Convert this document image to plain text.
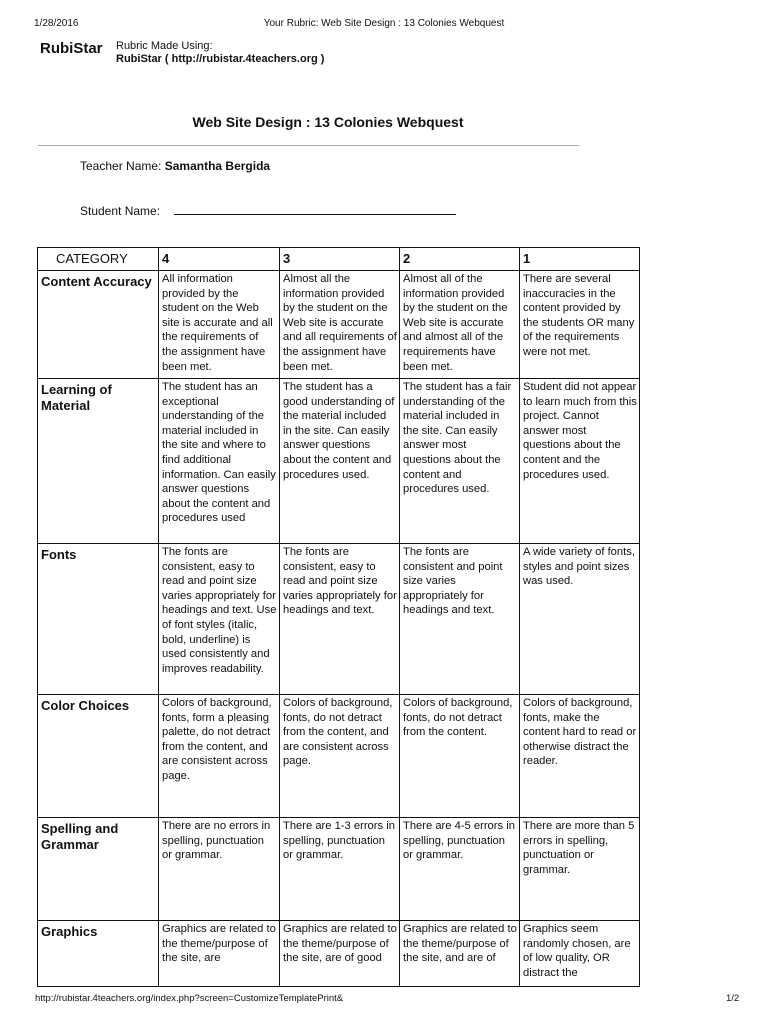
1/28/2016	Your Rubric: Web Site Design : 13 Colonies Webquest
RubiStar Rubric Made Using:
RubiStar ( http://rubistar.4teachers.org )
Web Site Design : 13 Colonies Webquest
Teacher Name: Samantha Bergida
Student Name:
CATEGORY	4	3	2	1
Content Accuracy	All information provided by the student on the Web site is accurate and all the requirements of the assignment have been met.	Almost all the information provided by the student on the Web site is accurate and all requirements of the assignment have been met.	Almost all of the information provided by the student on the Web site is accurate and almost all of the requirements have been met.	There are several inaccuracies in the content provided by the students OR many of the requirements were not met.
Learning of Material	The student has an exceptional understanding of the material included in the site and where to find additional information. Can easily answer questions about the content and procedures used	The student has a good understanding of the material included in the site. Can easily answer questions about the content and procedures used.	The student has a fair understanding of the material included in the site. Can easily answer most questions about the content and procedures used.	Student did not appear to learn much from this project. Cannot answer most questions about the content and the procedures used.
Fonts	The fonts are consistent, easy to read and point size varies appropriately for headings and text. Use of font styles (italic, bold, underline) is used consistently and improves readability.	The fonts are consistent, easy to read and point size varies appropriately for headings and text.	The fonts are consistent and point size varies appropriately for headings and text.	A wide variety of fonts, styles and point sizes was used.
Color Choices	Colors of background, fonts, form a pleasing palette, do not detract from the content, and are consistent across page.	Colors of background, fonts, do not detract from the content, and are consistent across page.	Colors of background, fonts, do not detract from the content.	Colors of background, fonts, make the content hard to read or otherwise distract the reader.
Spelling and Grammar	There are no errors in spelling, punctuation or grammar.	There are 1-3 errors in spelling, punctuation or grammar.	There are 4-5 errors in spelling, punctuation or grammar.	There are more than 5 errors in spelling, punctuation or grammar.
Graphics	Graphics are related to the theme/purpose of the site, are	Graphics are related to the theme/purpose of the site, are of good	Graphics are related to the theme/purpose of the site, and are of	Graphics seem randomly chosen, are of low quality, OR distract the
http://rubistar.4teachers.org/index.php?screen=CustomizeTemplatePrint&	1/2
